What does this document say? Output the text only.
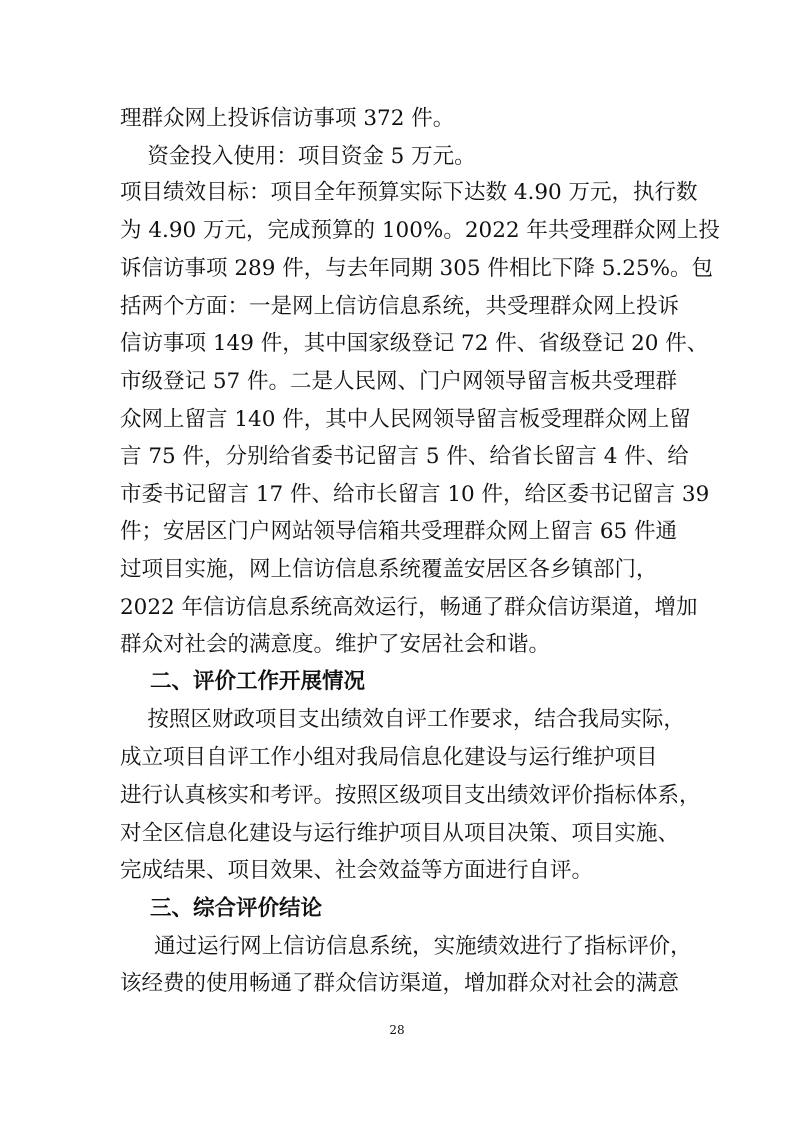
理群众网上投诉信访事项 372 件。

资金投入使用：项目资金 5 万元。

项目绩效目标：项目全年预算实际下达数 4.90 万元，执行数

为 4.90 万元，完成预算的 100%。2022 年共受理群众网上投

诉信访事项 289 件，与去年同期 305 件相比下降 5.25%。包

括两个方面：一是网上信访信息系统，共受理群众网上投诉

信访事项 149 件，其中国家级登记 72 件、省级登记 20 件、

市级登记 57 件。二是人民网、门户网领导留言板共受理群

众网上留言 140 件，其中人民网领导留言板受理群众网上留

言 75 件，分别给省委书记留言 5 件、给省长留言 4 件、给

市委书记留言 17 件、给市长留言 10 件，给区委书记留言 39

件；安居区门户网站领导信箱共受理群众网上留言 65 件通

过项目实施，网上信访信息系统覆盖安居区各乡镇部门，

2022 年信访信息系统高效运行，畅通了群众信访渠道，增加

群众对社会的满意度。维护了安居社会和谐。

二、评价工作开展情况

按照区财政项目支出绩效自评工作要求，结合我局实际，

成立项目自评工作小组对我局信息化建设与运行维护项目

进行认真核实和考评。按照区级项目支出绩效评价指标体系，

对全区信息化建设与运行维护项目从项目决策、项目实施、

完成结果、项目效果、社会效益等方面进行自评。

三、综合评价结论

通过运行网上信访信息系统，实施绩效进行了指标评价，

该经费的使用畅通了群众信访渠道，增加群众对社会的满意

28
